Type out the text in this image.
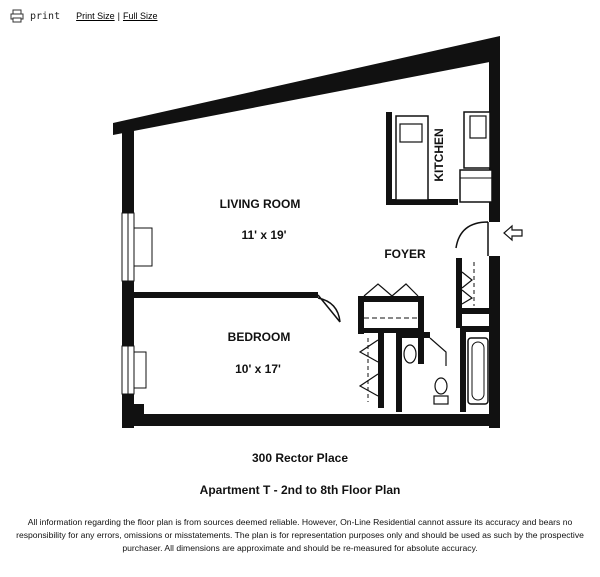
print Print Size | Full Size
LIVING ROOM
11' x 19'
FOYER
BEDROOM
10' x 17'
KITCHEN
300 Rector Place
Apartment T - 2nd to 8th Floor Plan
All information regarding the floor plan is from sources deemed reliable. However, On-Line Residential cannot assure its accuracy and bears no responsibility for any errors, omissions or misstatements. The plan is for representation purposes only and should be used as such by the prospective purchaser. All dimensions are approximate and should be re-measured for absolute accuracy.
